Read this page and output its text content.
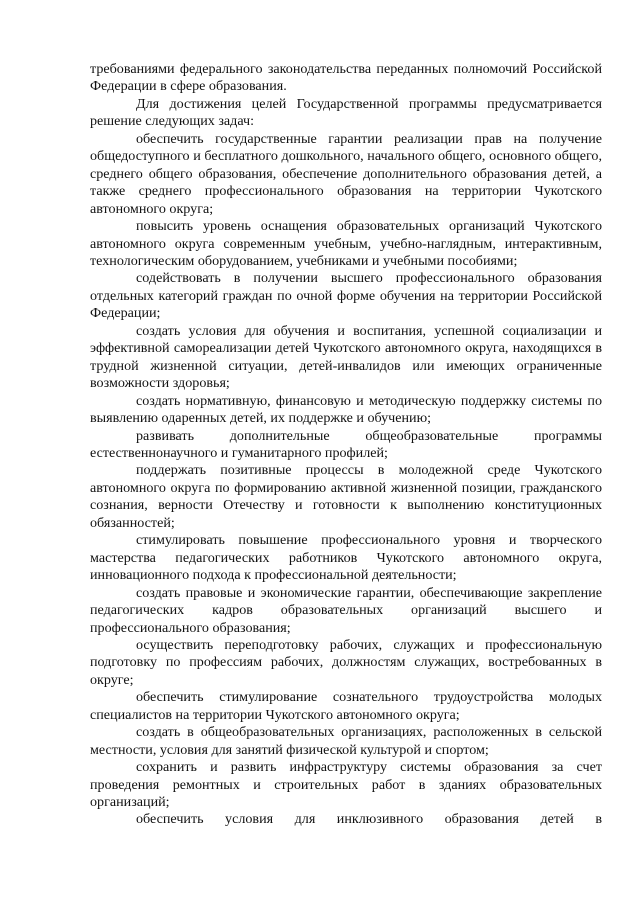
требованиями федерального законодательства переданных полномочий Российской Федерации в сфере образования.

Для достижения целей Государственной программы предусматривается решение следующих задач:

обеспечить государственные гарантии реализации прав на получение общедоступного и бесплатного дошкольного, начального общего, основного общего, среднего общего образования, обеспечение дополнительного образования детей, а также среднего профессионального образования на территории Чукотского автономного округа;

повысить уровень оснащения образовательных организаций Чукотского автономного округа современным учебным, учебно-наглядным, интерактивным, технологическим оборудованием, учебниками и учебными пособиями;

содействовать в получении высшего профессионального образования отдельных категорий граждан по очной форме обучения на территории Российской Федерации;

создать условия для обучения и воспитания, успешной социализации и эффективной самореализации детей Чукотского автономного округа, находящихся в трудной жизненной ситуации, детей-инвалидов или имеющих ограниченные возможности здоровья;

создать нормативную, финансовую и методическую поддержку системы по выявлению одаренных детей, их поддержке и обучению;

развивать дополнительные общеобразовательные программы естественнонаучного и гуманитарного профилей;

поддержать позитивные процессы в молодежной среде Чукотского автономного округа по формированию активной жизненной позиции, гражданского сознания, верности Отечеству и готовности к выполнению конституционных обязанностей;

стимулировать повышение профессионального уровня и творческого мастерства педагогических работников Чукотского автономного округа, инновационного подхода к профессиональной деятельности;

создать правовые и экономические гарантии, обеспечивающие закрепление педагогических кадров образовательных организаций высшего и профессионального образования;

осуществить переподготовку рабочих, служащих и профессиональную подготовку по профессиям рабочих, должностям служащих, востребованных в округе;

обеспечить стимулирование сознательного трудоустройства молодых специалистов на территории Чукотского автономного округа;

создать в общеобразовательных организациях, расположенных в сельской местности, условия для занятий физической культурой и спортом;

сохранить и развить инфраструктуру системы образования за счет проведения ремонтных и строительных работ в зданиях образовательных организаций;

обеспечить условия для инклюзивного образования детей в
